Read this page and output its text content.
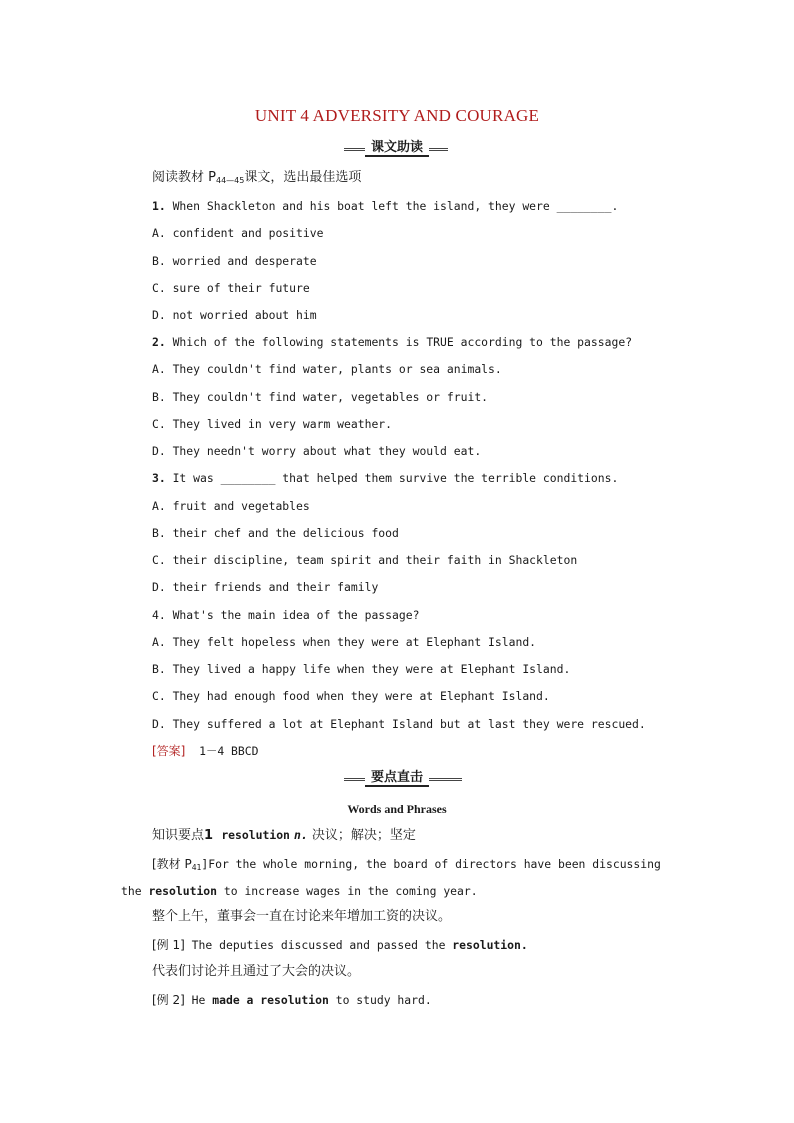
UNIT 4 ADVERSITY AND COURAGE
课文助读
阅读教材 $P_{44—45}$课文，选出最佳选项
1. When Shackleton and his boat left the island, they were ________.
A. confident and positive
B. worried and desperate
C. sure of their future
D. not worried about him
2. Which of the following statements is TRUE according to the passage?
A. They couldn't find water, plants or sea animals.
B. They couldn't find water, vegetables or fruit.
C. They lived in very warm weather.
D. They needn't worry about what they would eat.
3. It was ________ that helped them survive the terrible conditions.
A. fruit and vegetables
B. their chef and the delicious food
C. their discipline, team spirit and their faith in Shackleton
D. their friends and their family
4. What's the main idea of the passage?
A. They felt hopeless when they were at Elephant Island.
B. They lived a happy life when they were at Elephant Island.
C. They had enough food when they were at Elephant Island.
D. They suffered a lot at Elephant Island but at last they were rescued.
[答案] 1－4 BBCD
要点直击
Words and Phrases
知识要点1 resolution n. 决议；解决；坚定
[教材 $P_{41}]For$ the whole morning, the board of directors have been discussing
the resolution to increase wages in the coming year.
整个上午，董事会一直在讨论来年增加工资的决议。
[例 1] The deputies discussed and passed the resolution.
代表们讨论并且通过了大会的决议。
[例 2] He made a resolution to study hard.
